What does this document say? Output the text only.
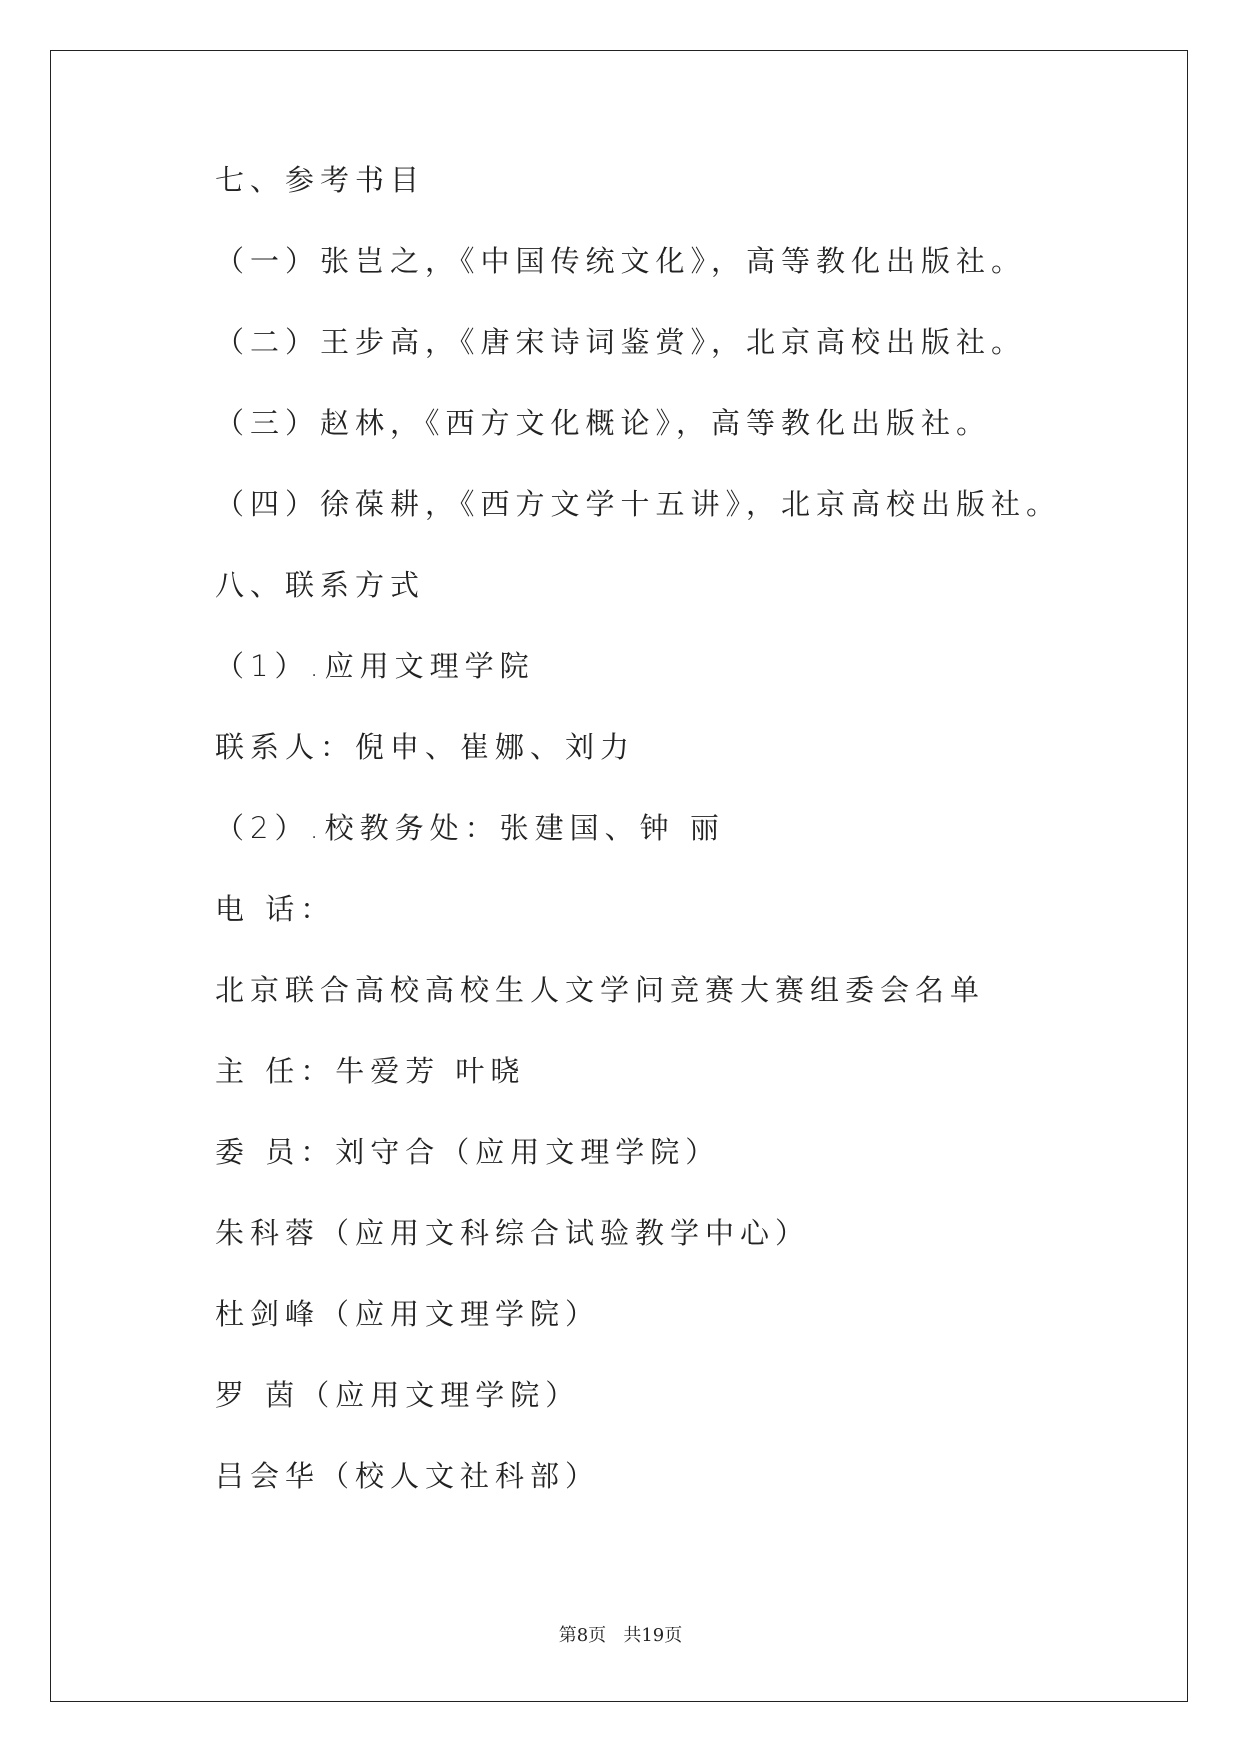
七、参考书目
（一）张岂之，《中国传统文化》，高等教化出版社。
（二）王步高，《唐宋诗词鉴赏》，北京高校出版社。
（三）赵林，《西方文化概论》，高等教化出版社。
（四）徐葆耕，《西方文学十五讲》，北京高校出版社。
八、联系方式
（1）.应用文理学院
联系人：倪申、崔娜、刘力
（2）.校教务处：张建国、钟 丽
电 话：
北京联合高校高校生人文学问竞赛大赛组委会名单
主 任：牛爱芳 叶晓
委 员：刘守合（应用文理学院）
朱科蓉（应用文科综合试验教学中心）
杜剑峰（应用文理学院）
罗 茵（应用文理学院）
吕会华（校人文社科部）
第8页   共19页
